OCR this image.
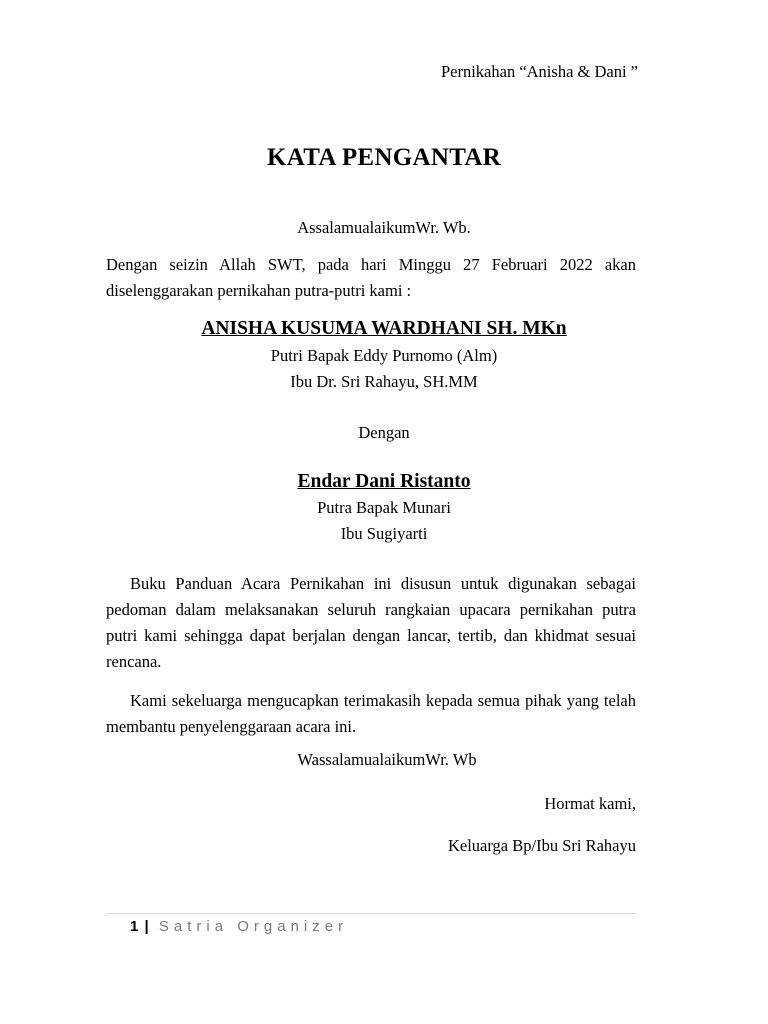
Pernikahan “Anisha & Dani ”
KATA PENGANTAR
AssalamualaikumWr. Wb.
Dengan seizin Allah SWT, pada hari Minggu 27 Februari 2022 akan diselenggarakan pernikahan putra-putri kami :
ANISHA KUSUMA WARDHANI SH. MKn
Putri Bapak Eddy Purnomo (Alm)
Ibu Dr. Sri Rahayu, SH.MM
Dengan
Endar Dani Ristanto
Putra Bapak Munari
Ibu Sugiyarti
Buku Panduan Acara Pernikahan ini disusun untuk digunakan sebagai pedoman dalam melaksanakan seluruh rangkaian upacara pernikahan putra putri kami sehingga dapat berjalan dengan lancar, tertib, dan khidmat sesuai rencana.
Kami sekeluarga mengucapkan terimakasih kepada semua pihak yang telah membantu penyelenggaraan acara ini.
WassalamualaikumWr. Wb
Hormat kami,
Keluarga Bp/Ibu Sri Rahayu
1 | Satria Organizer
